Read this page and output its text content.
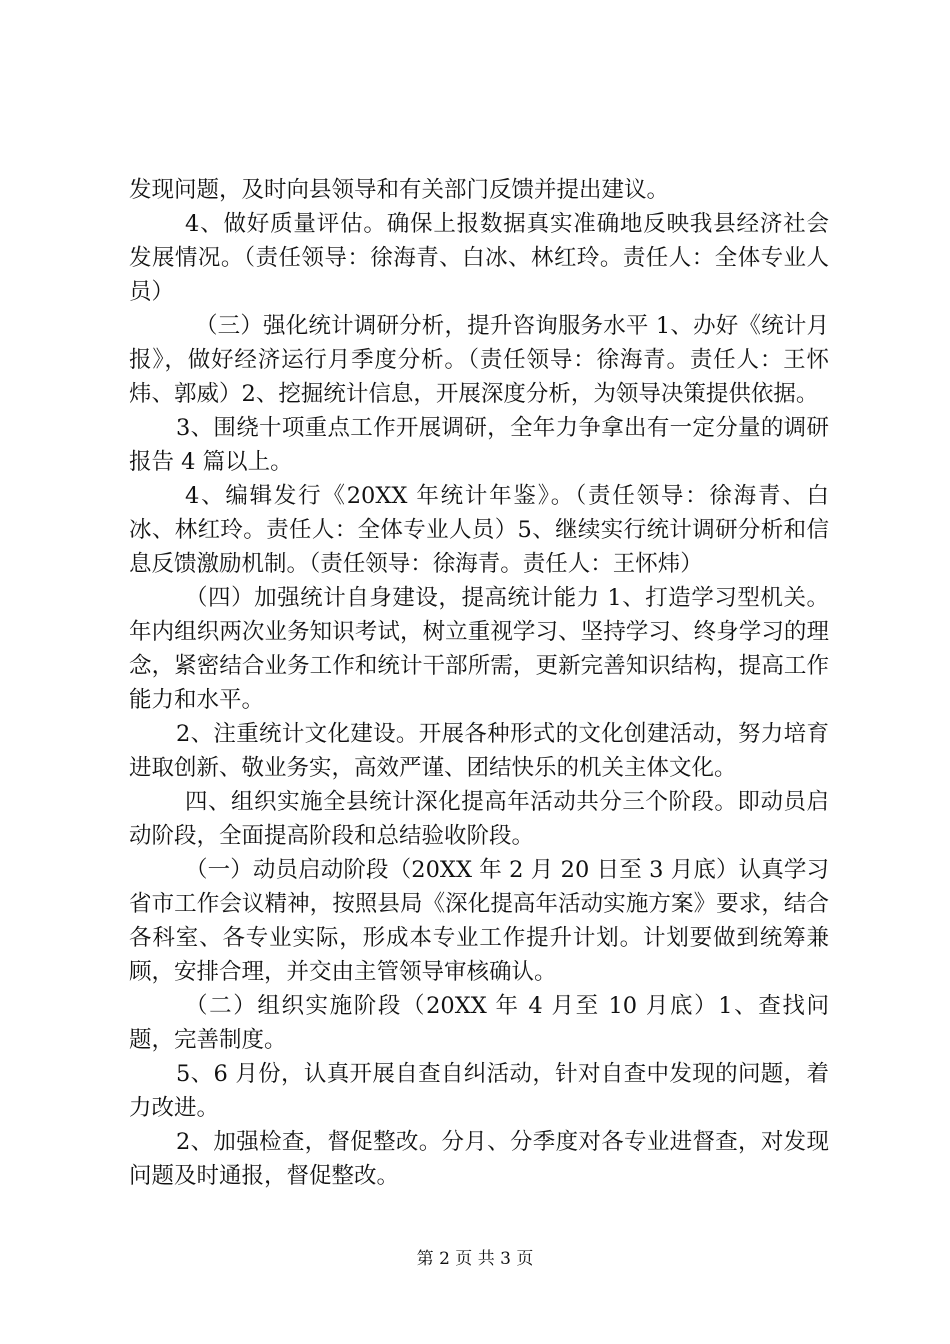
发现问题，及时向县领导和有关部门反馈并提出建议。

4、做好质量评估。确保上报数据真实准确地反映我县经济社会发展情况。（责任领导：徐海青、白冰、林红玲。责任人：全体专业人员）

（三）强化统计调研分析，提升咨询服务水平 1、办好《统计月报》，做好经济运行月季度分析。（责任领导：徐海青。责任人：王怀炜、郭威）2、挖掘统计信息，开展深度分析，为领导决策提供依据。

3、围绕十项重点工作开展调研，全年力争拿出有一定分量的调研报告 4 篇以上。

4、编辑发行《20XX 年统计年鉴》。（责任领导：徐海青、白冰、林红玲。责任人：全体专业人员）5、继续实行统计调研分析和信息反馈激励机制。（责任领导：徐海青。责任人：王怀炜）

（四）加强统计自身建设，提高统计能力 1、打造学习型机关。年内组织两次业务知识考试，树立重视学习、坚持学习、终身学习的理念，紧密结合业务工作和统计干部所需，更新完善知识结构，提高工作能力和水平。

2、注重统计文化建设。开展各种形式的文化创建活动，努力培育进取创新、敬业务实，高效严谨、团结快乐的机关主体文化。

四、组织实施全县统计深化提高年活动共分三个阶段。即动员启动阶段，全面提高阶段和总结验收阶段。

（一）动员启动阶段（20XX 年 2 月 20 日至 3 月底）认真学习省市工作会议精神，按照县局《深化提高年活动实施方案》要求，结合各科室、各专业实际，形成本专业工作提升计划。计划要做到统筹兼顾，安排合理，并交由主管领导审核确认。

（二）组织实施阶段（20XX 年 4 月至 10 月底）1、查找问题，完善制度。

5、6 月份，认真开展自查自纠活动，针对自查中发现的问题，着力改进。

2、加强检查，督促整改。分月、分季度对各专业进督查，对发现问题及时通报，督促整改。

第 2 页 共 3 页
